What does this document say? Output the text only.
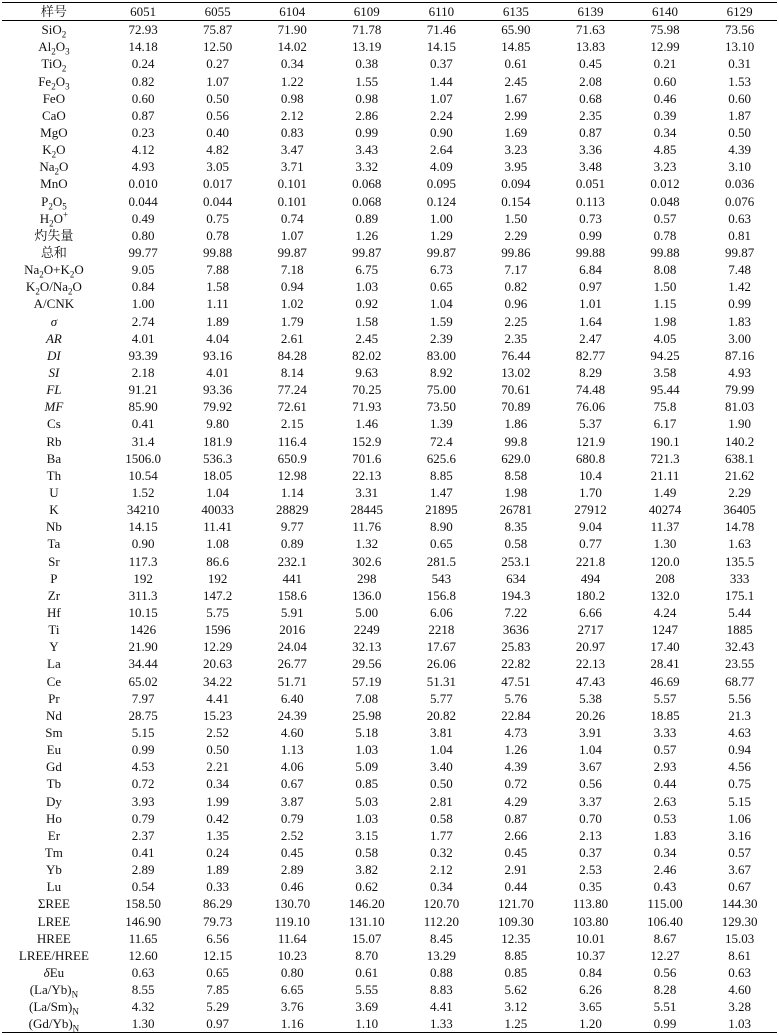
样号	6051	6055	6104	6109	6110	6135	6139	6140	6129
SiO$_2$	72.93	75.87	71.90	71.78	71.46	65.90	71.63	75.98	73.56
$Al_2O_3$	14.18	12.50	14.02	13.19	14.15	14.85	13.83	12.99	13.10
TiO$_2$	0.24	0.27	0.34	0.38	0.37	0.61	0.45	0.21	0.31
$Fe_2O_3$	0.82	1.07	1.22	1.55	1.44	2.45	2.08	0.60	1.53
FeO	0.60	0.50	0.98	0.98	1.07	1.67	0.68	0.46	0.60
CaO	0.87	0.56	2.12	2.86	2.24	2.99	2.35	0.39	1.87
MgO	0.23	0.40	0.83	0.99	0.90	1.69	0.87	0.34	0.50
$K_2O$	4.12	4.82	3.47	3.43	2.64	3.23	3.36	4.85	4.39
$Na_2O$	4.93	3.05	3.71	3.32	4.09	3.95	3.48	3.23	3.10
MnO	0.010	0.017	0.101	0.068	0.095	0.094	0.051	0.012	0.036
$P_2O_5$	0.044	0.044	0.101	0.068	0.124	0.154	0.113	0.048	0.076
$H_2O^+$	0.49	0.75	0.74	0.89	1.00	1.50	0.73	0.57	0.63
灼失量	0.80	0.78	1.07	1.26	1.29	2.29	0.99	0.78	0.81
总和	99.77	99.88	99.87	99.87	99.87	99.86	99.88	99.88	99.87
$Na_2O+K_2O$	9.05	7.88	7.18	6.75	6.73	7.17	6.84	8.08	7.48
$K_2O/Na_2O$	0.84	1.58	0.94	1.03	0.65	0.82	0.97	1.50	1.42
A/CNK	1.00	1.11	1.02	0.92	1.04	0.96	1.01	1.15	0.99
σ	2.74	1.89	1.79	1.58	1.59	2.25	1.64	1.98	1.83
AR	4.01	4.04	2.61	2.45	2.39	2.35	2.47	4.05	3.00
DI	93.39	93.16	84.28	82.02	83.00	76.44	82.77	94.25	87.16
SI	2.18	4.01	8.14	9.63	8.92	13.02	8.29	3.58	4.93
FL	91.21	93.36	77.24	70.25	75.00	70.61	74.48	95.44	79.99
MF	85.90	79.92	72.61	71.93	73.50	70.89	76.06	75.8	81.03
Cs	0.41	9.80	2.15	1.46	1.39	1.86	5.37	6.17	1.90
Rb	31.4	181.9	116.4	152.9	72.4	99.8	121.9	190.1	140.2
Ba	1506.0	536.3	650.9	701.6	625.6	629.0	680.8	721.3	638.1
Th	10.54	18.05	12.98	22.13	8.85	8.58	10.4	21.11	21.62
U	1.52	1.04	1.14	3.31	1.47	1.98	1.70	1.49	2.29
K	34210	40033	28829	28445	21895	26781	27912	40274	36405
Nb	14.15	11.41	9.77	11.76	8.90	8.35	9.04	11.37	14.78
Ta	0.90	1.08	0.89	1.32	0.65	0.58	0.77	1.30	1.63
Sr	117.3	86.6	232.1	302.6	281.5	253.1	221.8	120.0	135.5
P	192	192	441	298	543	634	494	208	333
Zr	311.3	147.2	158.6	136.0	156.8	194.3	180.2	132.0	175.1
Hf	10.15	5.75	5.91	5.00	6.06	7.22	6.66	4.24	5.44
Ti	1426	1596	2016	2249	2218	3636	2717	1247	1885
Y	21.90	12.29	24.04	32.13	17.67	25.83	20.97	17.40	32.43
La	34.44	20.63	26.77	29.56	26.06	22.82	22.13	28.41	23.55
Ce	65.02	34.22	51.71	57.19	51.31	47.51	47.43	46.69	68.77
Pr	7.97	4.41	6.40	7.08	5.77	5.76	5.38	5.57	5.56
Nd	28.75	15.23	24.39	25.98	20.82	22.84	20.26	18.85	21.3
Sm	5.15	2.52	4.60	5.18	3.81	4.73	3.91	3.33	4.63
Eu	0.99	0.50	1.13	1.03	1.04	1.26	1.04	0.57	0.94
Gd	4.53	2.21	4.06	5.09	3.40	4.39	3.67	2.93	4.56
Tb	0.72	0.34	0.67	0.85	0.50	0.72	0.56	0.44	0.75
Dy	3.93	1.99	3.87	5.03	2.81	4.29	3.37	2.63	5.15
Ho	0.79	0.42	0.79	1.03	0.58	0.87	0.70	0.53	1.06
Er	2.37	1.35	2.52	3.15	1.77	2.66	2.13	1.83	3.16
Tm	0.41	0.24	0.45	0.58	0.32	0.45	0.37	0.34	0.57
Yb	2.89	1.89	2.89	3.82	2.12	2.91	2.53	2.46	3.67
Lu	0.54	0.33	0.46	0.62	0.34	0.44	0.35	0.43	0.67
ΣREE	158.50	86.29	130.70	146.20	120.70	121.70	113.80	115.00	144.30
LREE	146.90	79.73	119.10	131.10	112.20	109.30	103.80	106.40	129.30
HREE	11.65	6.56	11.64	15.07	8.45	12.35	10.01	8.67	15.03
LREE/HREE	12.60	12.15	10.23	8.70	13.29	8.85	10.37	12.27	8.61
δEu	0.63	0.65	0.80	0.61	0.88	0.85	0.84	0.56	0.63
$(La/Yb)_N$	8.55	7.85	6.65	5.55	8.83	5.62	6.26	8.28	4.60
$(La/Sm)_N$	4.32	5.29	3.76	3.69	4.41	3.12	3.65	5.51	3.28
$(Gd/Yb)_N$	1.30	0.97	1.16	1.10	1.33	1.25	1.20	0.99	1.03
